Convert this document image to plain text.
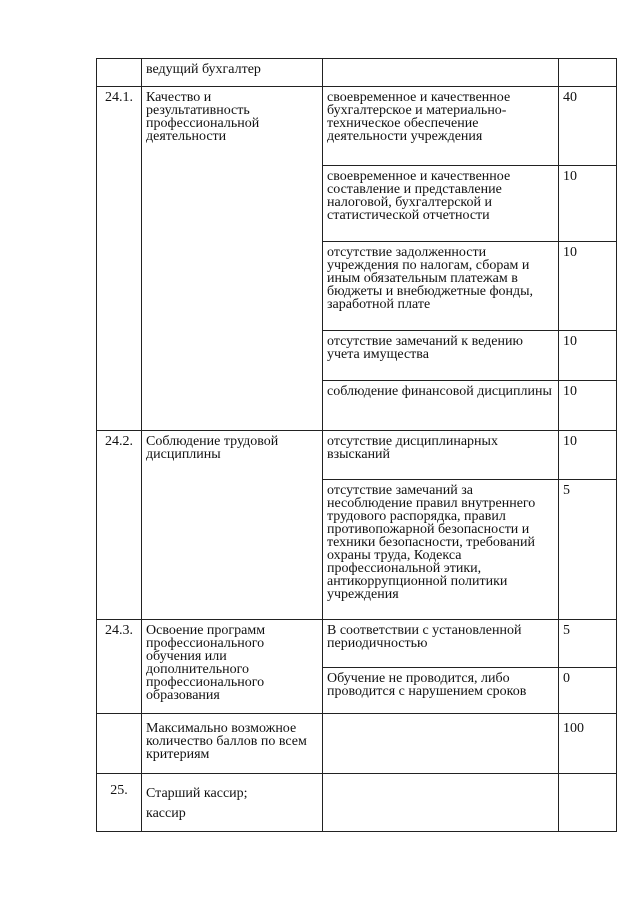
	ведущий бухгалтер		
24.1.	Качество и результативность профессиональной деятельности	своевременное и качественное бухгалтерское и материально-техническое обеспечение деятельности учреждения	40
		своевременное и качественное составление и представление налоговой, бухгалтерской и статистической отчетности	10
		отсутствие задолженности учреждения по налогам, сборам и иным обязательным платежам в бюджеты и внебюджетные фонды, заработной плате	10
		отсутствие замечаний к ведению учета имущества	10
		соблюдение финансовой дисциплины	10
24.2.	Соблюдение трудовой дисциплины	отсутствие дисциплинарных взысканий	10
		отсутствие замечаний за несоблюдение правил внутреннего трудового распорядка, правил противопожарной безопасности и техники безопасности, требований охраны труда, Кодекса профессиональной этики, антикоррупционной политики учреждения	5
24.3.	Освоение программ профессионального обучения или дополнительного профессионального образования	В соответствии с установленной периодичностью	5
		Обучение не проводится, либо проводится с нарушением сроков	0
	Максимально возможное количество баллов по всем критериям		100
25.	Старший кассир;
кассир		
